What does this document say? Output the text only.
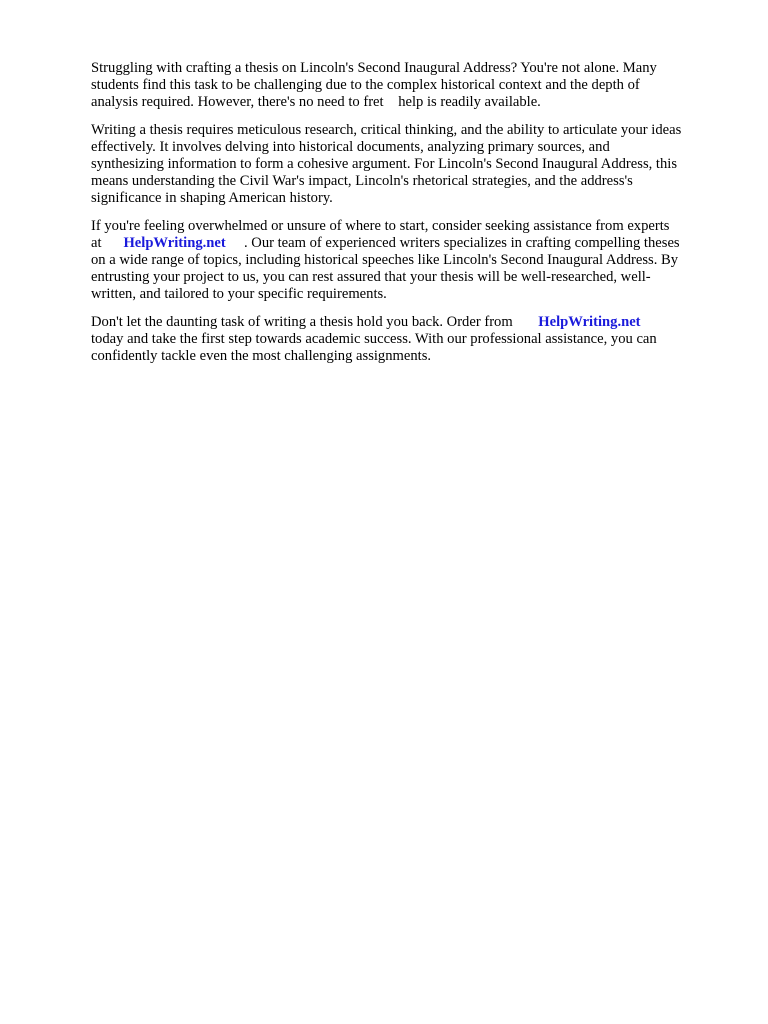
Struggling with crafting a thesis on Lincoln's Second Inaugural Address? You're not alone. Many
students find this task to be challenging due to the complex historical context and the depth of
analysis required. However, there's no need to fret    help is readily available.

Writing a thesis requires meticulous research, critical thinking, and the ability to articulate your ideas
effectively. It involves delving into historical documents, analyzing primary sources, and
synthesizing information to form a cohesive argument. For Lincoln's Second Inaugural Address, this
means understanding the Civil War's impact, Lincoln's rhetorical strategies, and the address's
significance in shaping American history.

If you're feeling overwhelmed or unsure of where to start, consider seeking assistance from experts
at      HelpWriting.net     . Our team of experienced writers specializes in crafting compelling theses
on a wide range of topics, including historical speeches like Lincoln's Second Inaugural Address. By
entrusting your project to us, you can rest assured that your thesis will be well-researched, well-
written, and tailored to your specific requirements.

Don't let the daunting task of writing a thesis hold you back. Order from       HelpWriting.net
today and take the first step towards academic success. With our professional assistance, you can
confidently tackle even the most challenging assignments.
